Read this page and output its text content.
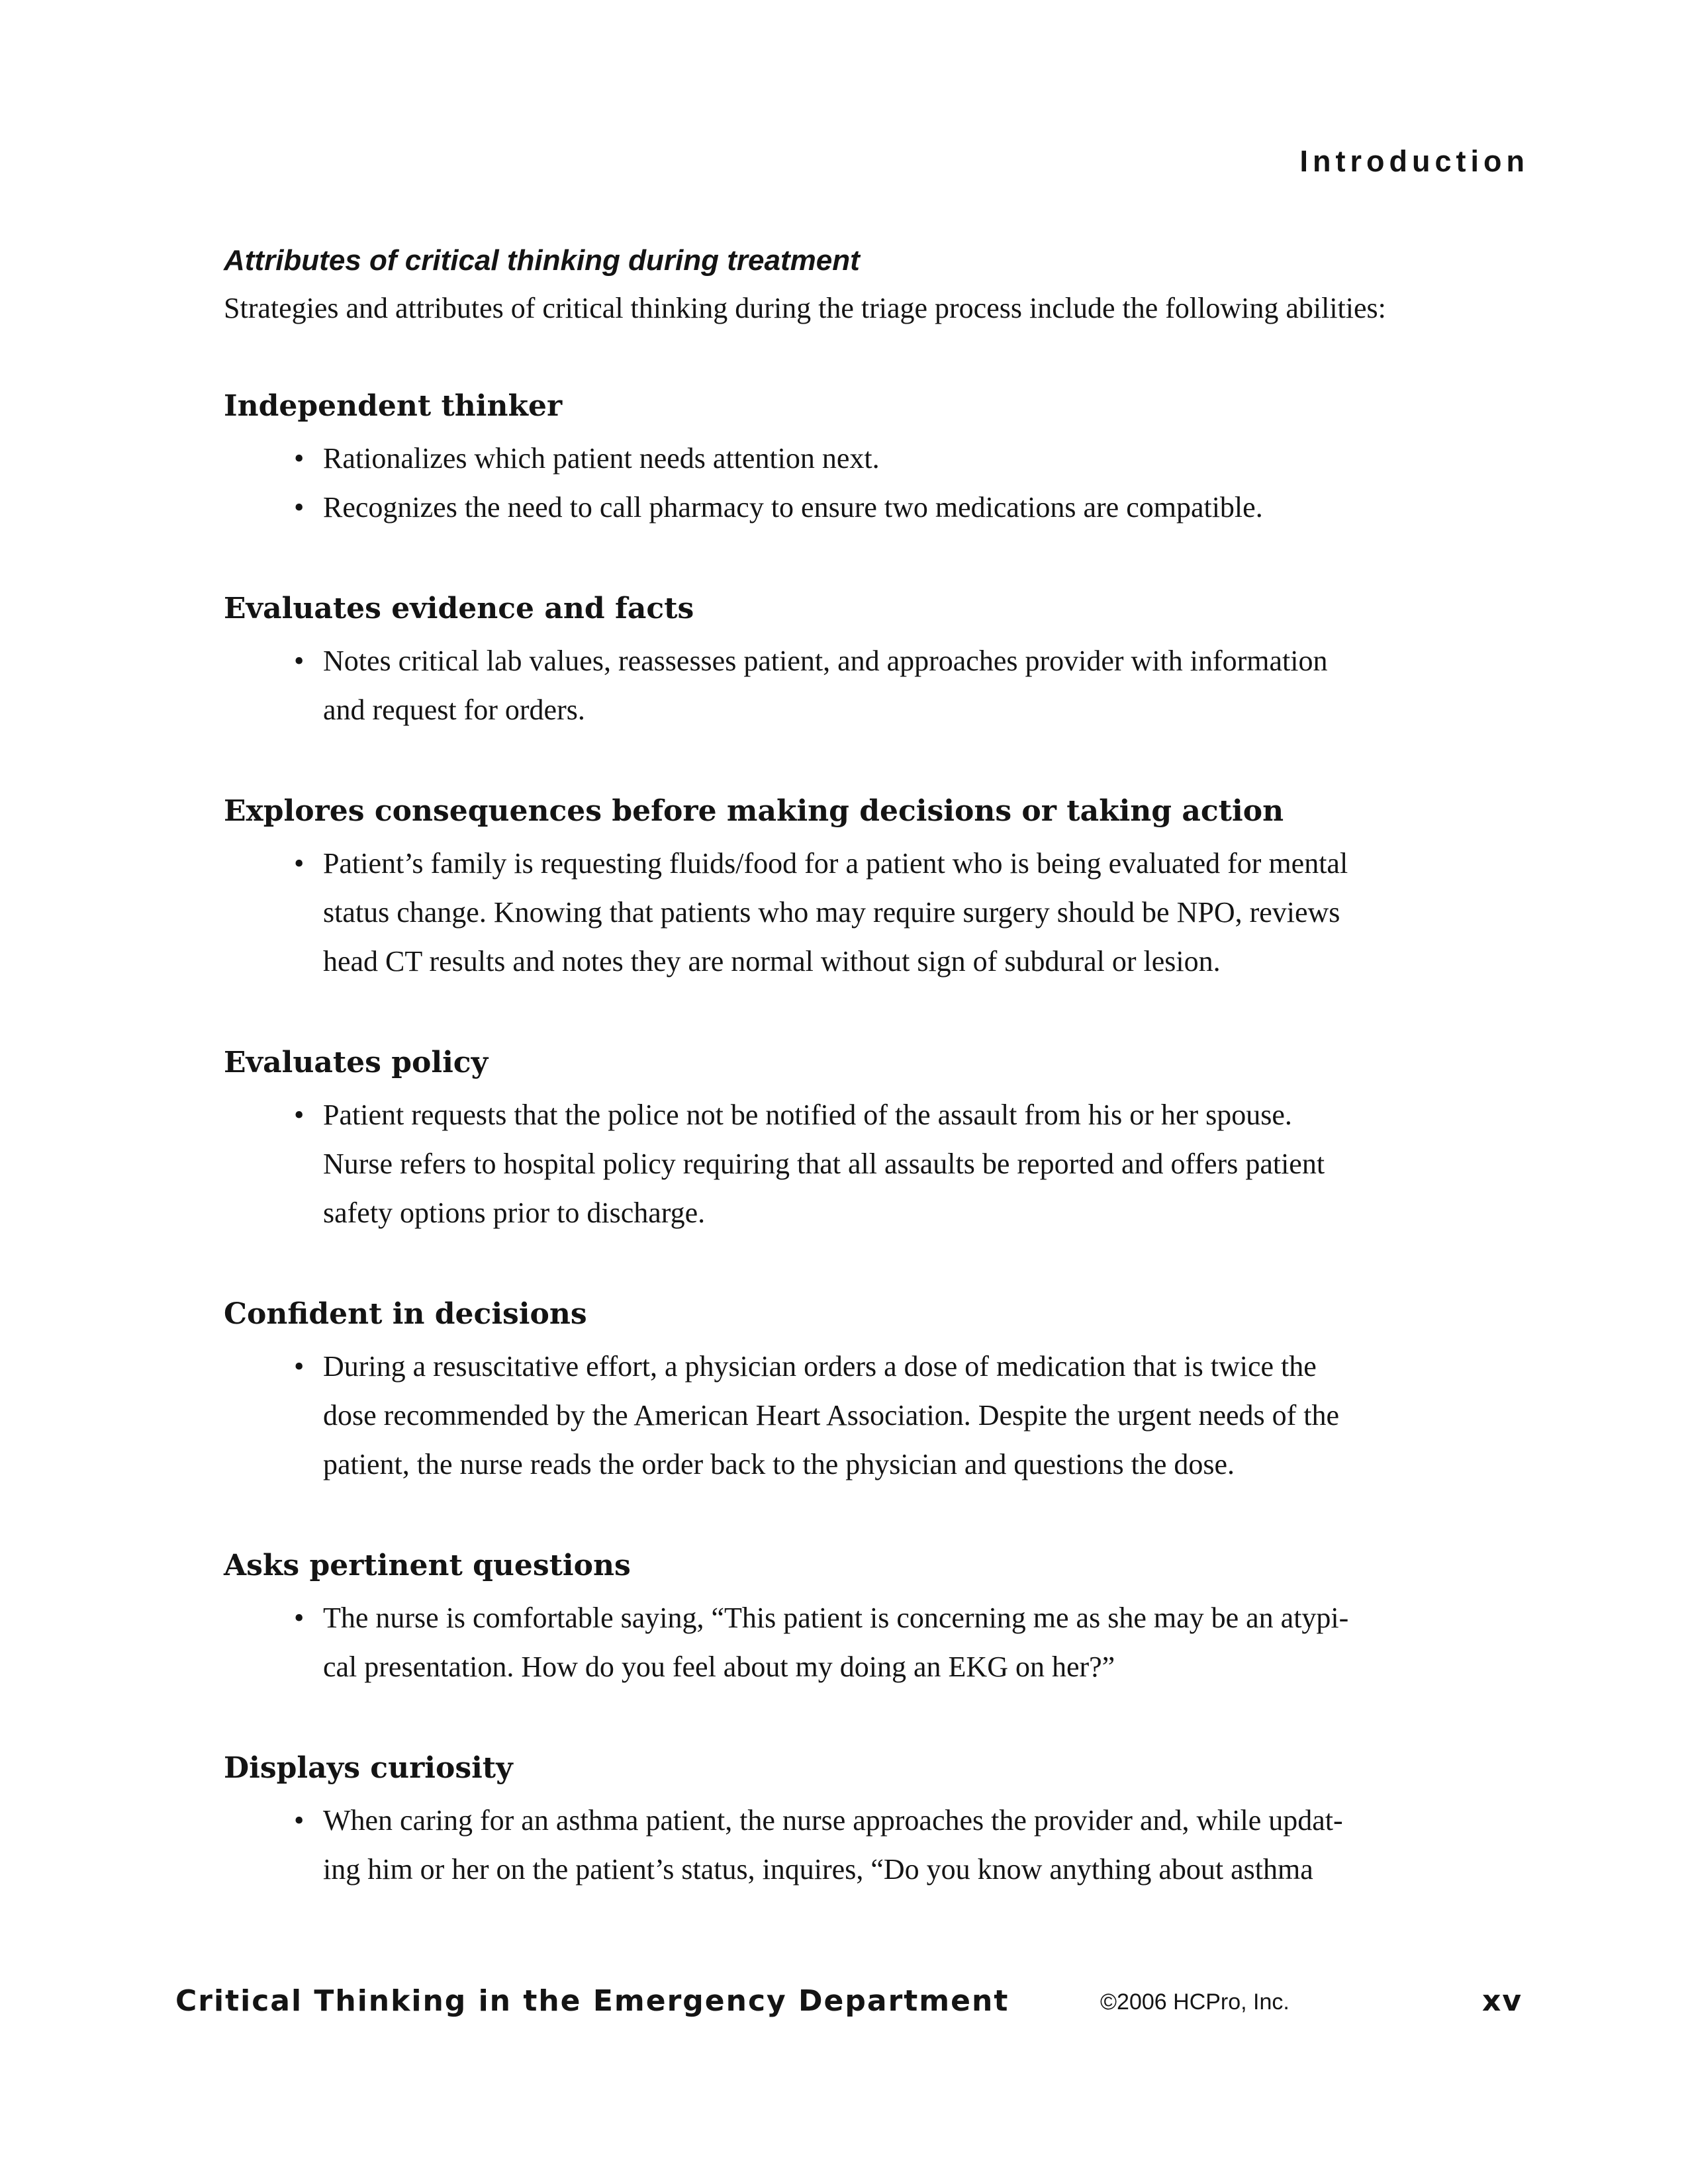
Introduction
Attributes of critical thinking during treatment

Strategies and attributes of critical thinking during the triage process include the following abilities:

Independent thinker
• Rationalizes which patient needs attention next.
• Recognizes the need to call pharmacy to ensure two medications are compatible.
Evaluates evidence and facts
• Notes critical lab values, reassesses patient, and approaches provider with information
and request for orders.
Explores consequences before making decisions or taking action
• Patient’s family is requesting fluids/food for a patient who is being evaluated for mental
status change. Knowing that patients who may require surgery should be NPO, reviews
head CT results and notes they are normal without sign of subdural or lesion.
Evaluates policy
• Patient requests that the police not be notified of the assault from his or her spouse.
Nurse refers to hospital policy requiring that all assaults be reported and offers patient
safety options prior to discharge.
Confident in decisions
• During a resuscitative effort, a physician orders a dose of medication that is twice the
dose recommended by the American Heart Association. Despite the urgent needs of the
patient, the nurse reads the order back to the physician and questions the dose.
Asks pertinent questions
• The nurse is comfortable saying, “This patient is concerning me as she may be an atypi-
cal presentation. How do you feel about my doing an EKG on her?”
Displays curiosity
• When caring for an asthma patient, the nurse approaches the provider and, while updat-
ing him or her on the patient’s status, inquires, “Do you know anything about asthma
Critical Thinking in the Emergency Department	©2006 HCPro, Inc.	xv
